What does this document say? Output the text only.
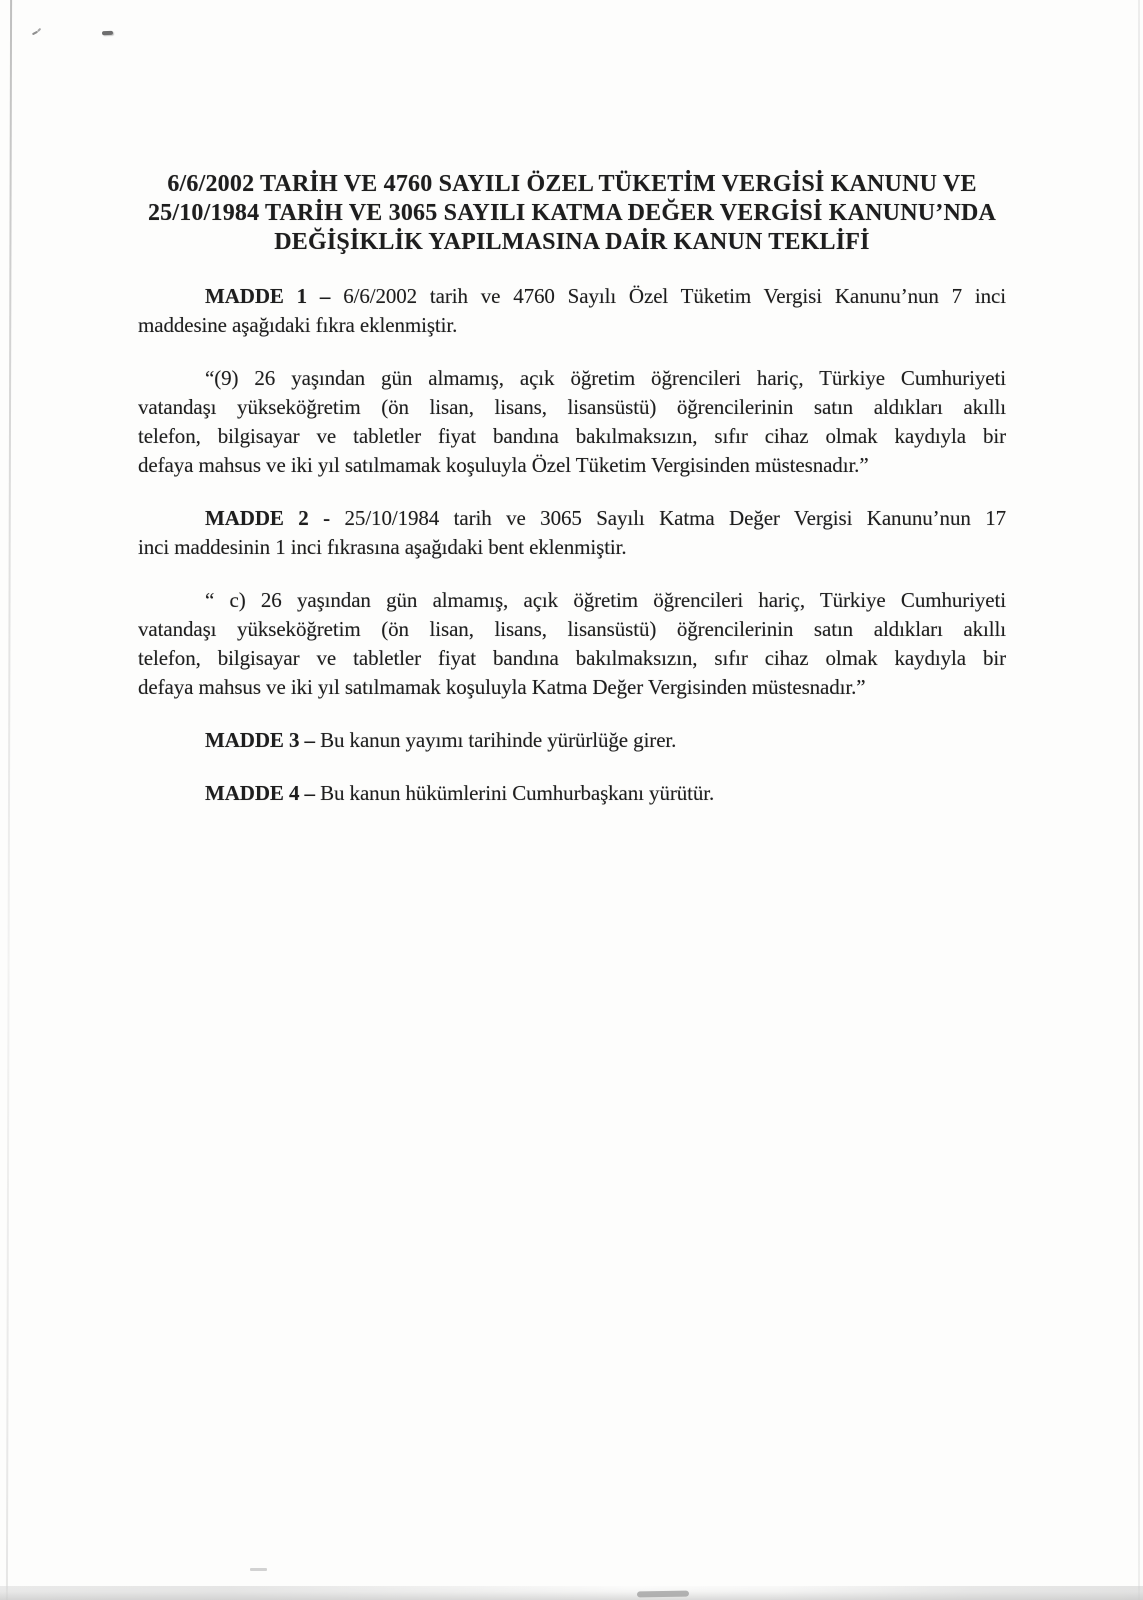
6/6/2002 TARİH VE 4760 SAYILI ÖZEL TÜKETİM VERGİSİ KANUNU VE
25/10/1984 TARİH VE 3065 SAYILI KATMA DEĞER VERGİSİ KANUNU’NDA
DEĞİŞİKLİK YAPILMASINA DAİR KANUN TEKLİFİ

MADDE 1 – 6/6/2002 tarih ve 4760 Sayılı Özel Tüketim Vergisi Kanunu’nun 7 inci
maddesine aşağıdaki fıkra eklenmiştir.

“(9) 26 yaşından gün almamış, açık öğretim öğrencileri hariç, Türkiye Cumhuriyeti
vatandaşı yükseköğretim (ön lisan, lisans, lisansüstü) öğrencilerinin satın aldıkları akıllı
telefon, bilgisayar ve tabletler fiyat bandına bakılmaksızın, sıfır cihaz olmak kaydıyla bir
defaya mahsus ve iki yıl satılmamak koşuluyla Özel Tüketim Vergisinden müstesnadır.”

MADDE 2 - 25/10/1984 tarih ve 3065 Sayılı Katma Değer Vergisi Kanunu’nun 17
inci maddesinin 1 inci fıkrasına aşağıdaki bent eklenmiştir.

“ c) 26 yaşından gün almamış, açık öğretim öğrencileri hariç, Türkiye Cumhuriyeti
vatandaşı yükseköğretim (ön lisan, lisans, lisansüstü) öğrencilerinin satın aldıkları akıllı
telefon, bilgisayar ve tabletler fiyat bandına bakılmaksızın, sıfır cihaz olmak kaydıyla bir
defaya mahsus ve iki yıl satılmamak koşuluyla Katma Değer Vergisinden müstesnadır.”

MADDE 3 – Bu kanun yayımı tarihinde yürürlüğe girer.

MADDE 4 – Bu kanun hükümlerini Cumhurbaşkanı yürütür.
